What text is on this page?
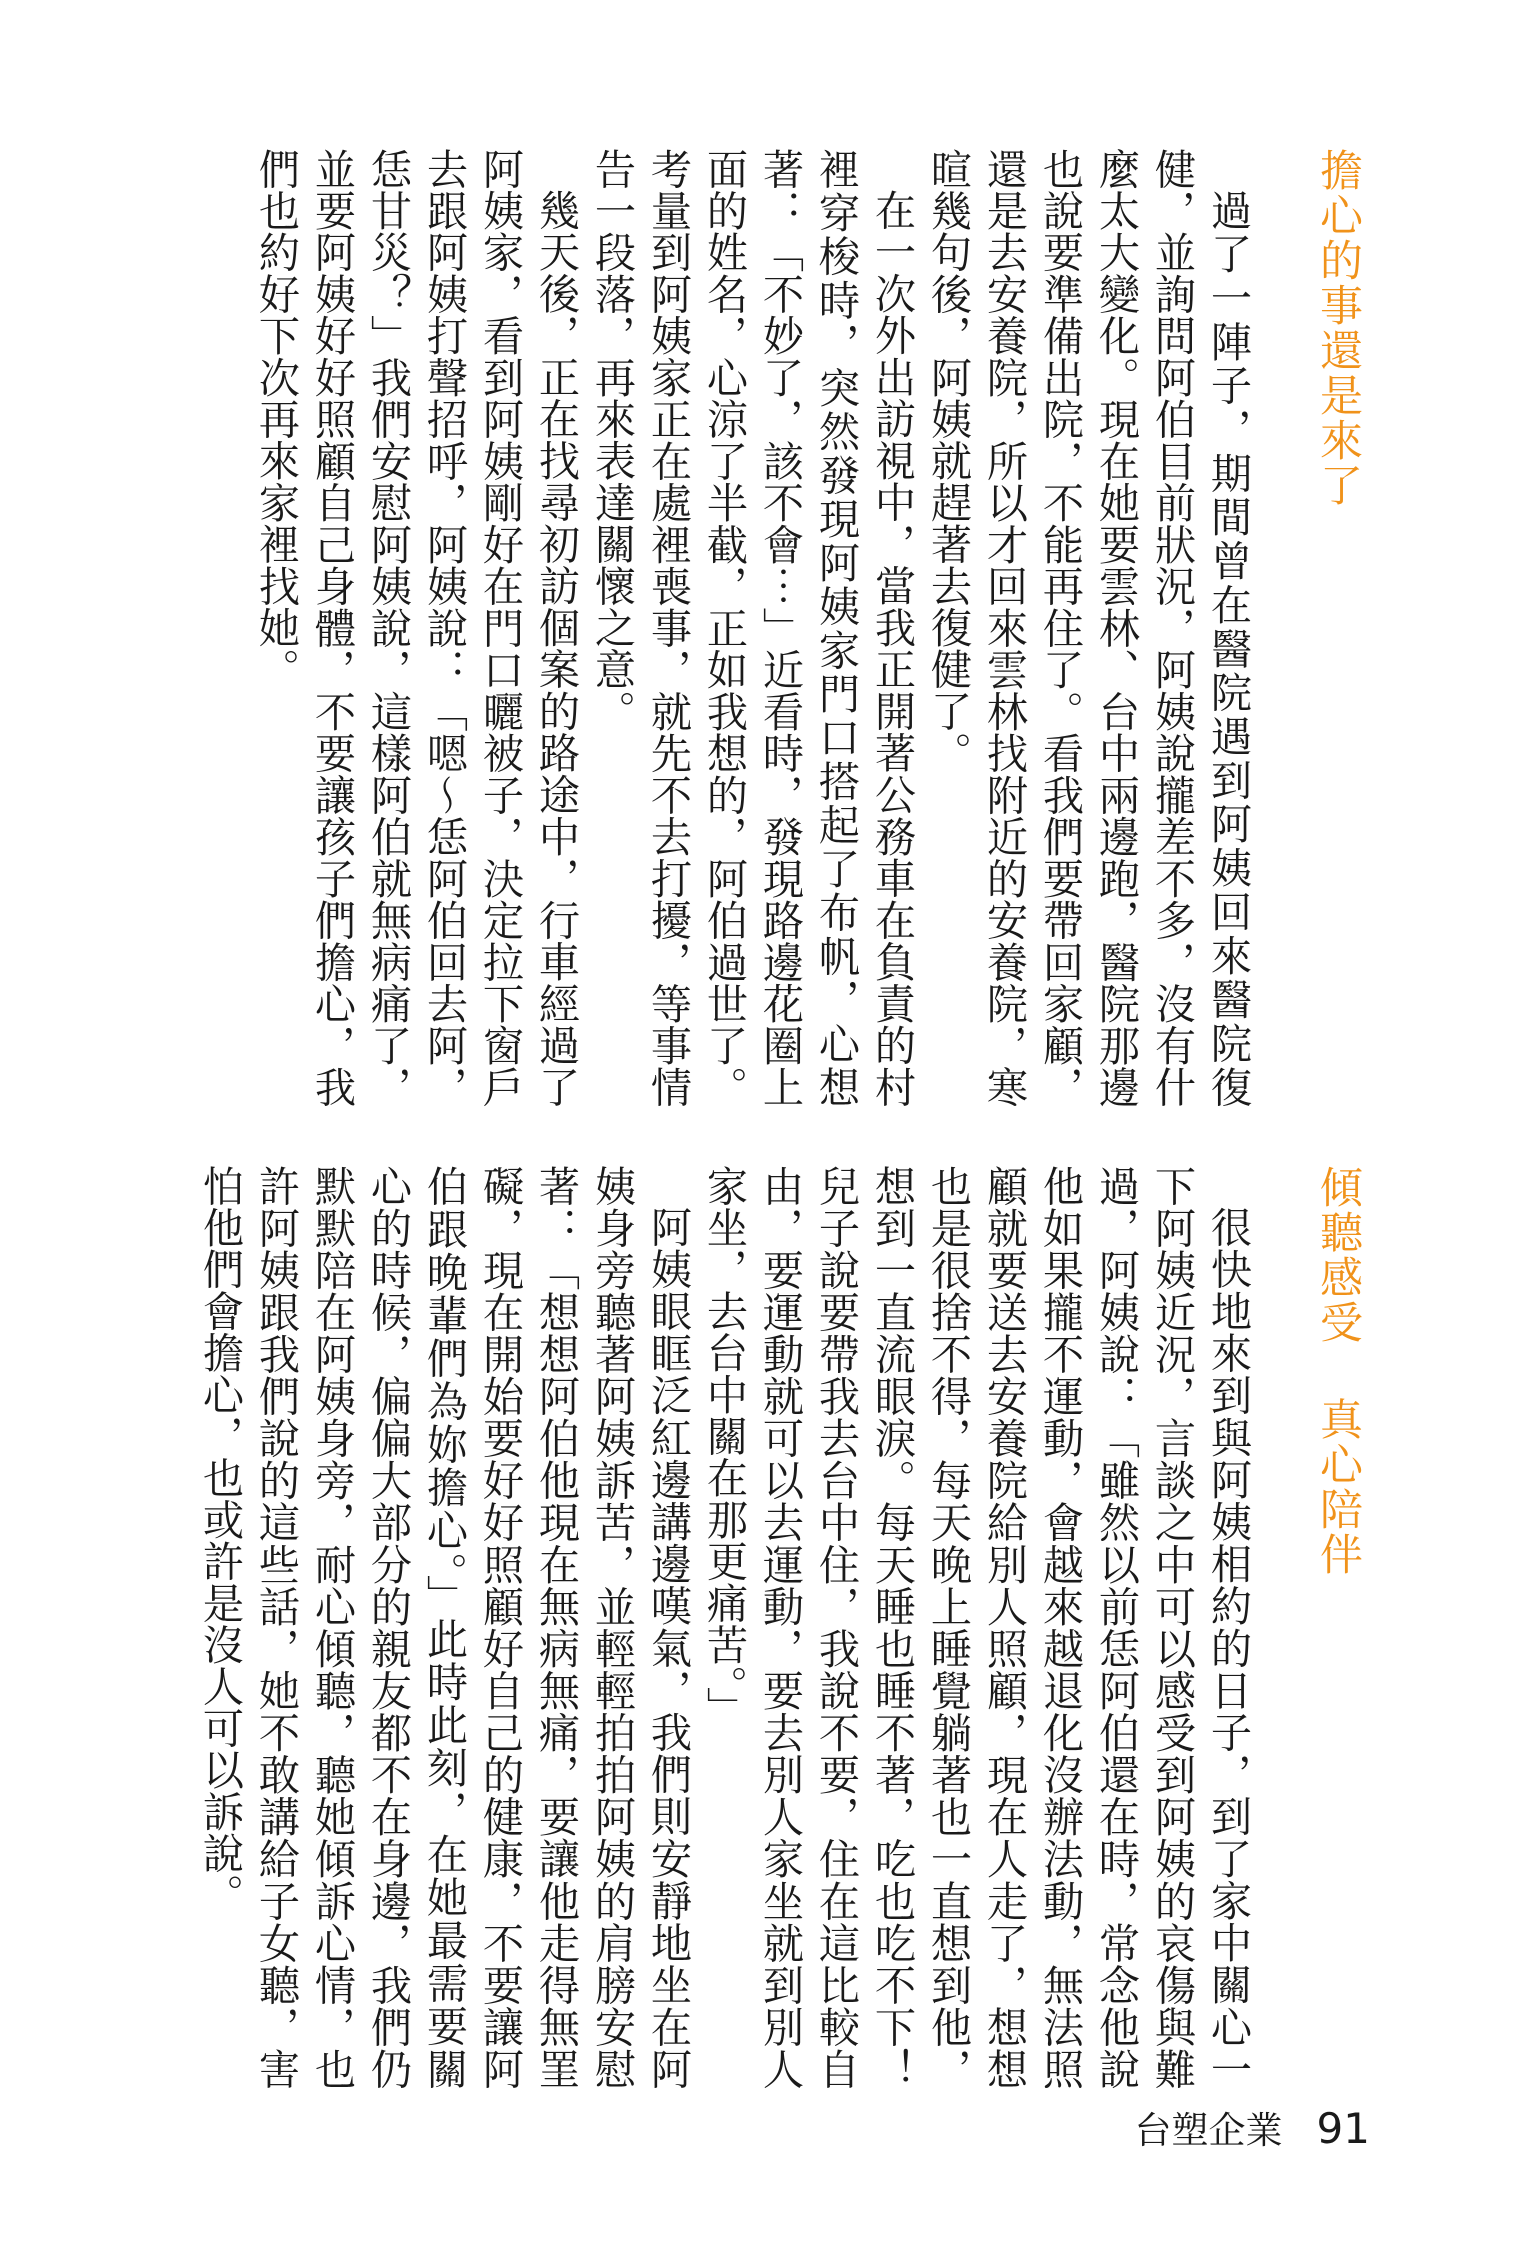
擔心的事還是來了

過了一陣子，期間曾在醫院遇到阿姨回來醫院復健，並詢問阿伯目前狀況，阿姨說攏差不多，沒有什麼太大變化。現在她要雲林、台中兩邊跑，醫院那邊也說要準備出院，不能再住了。看我們要帶回家顧，還是去安養院，所以才回來雲林找附近的安養院，寒暄幾句後，阿姨就趕著去復健了。

在一次外出訪視中，當我正開著公務車在負責的村裡穿梭時，突然發現阿姨家門口搭起了布帆，心想著：「不妙了，該不會⋯」近看時，發現路邊花圈上面的姓名，心涼了半截，正如我想的，阿伯過世了。考量到阿姨家正在處裡喪事，就先不去打擾，等事情告一段落，再來表達關懷之意。

幾天後，正在找尋初訪個案的路途中，行車經過了阿姨家，看到阿姨剛好在門口曬被子，決定拉下窗戶去跟阿姨打聲招呼，阿姨說：「嗯～恁阿伯回去阿，恁甘災？」我們安慰阿姨說，這樣阿伯就無病痛了，並要阿姨好好照顧自己身體，不要讓孩子們擔心，我們也約好下次再來家裡找她。

傾聽感受 真心陪伴

很快地來到與阿姨相約的日子，到了家中關心一下阿姨近況，言談之中可以感受到阿姨的哀傷與難過，阿姨說：「雖然以前恁阿伯還在時，常念他說他如果攏不運動，會越來越退化沒辦法動，無法照顧就要送去安養院給別人照顧，現在人走了，想想也是很捨不得，每天晚上睡覺躺著也一直想到他，想到一直流眼淚。每天睡也睡不著，吃也吃不下！兒子說要帶我去台中住，我說不要，住在這比較自由，要運動就可以去運動，要去別人家坐就到別人家坐，去台中關在那更痛苦。」

阿姨眼眶泛紅邊講邊嘆氣，我們則安靜地坐在阿姨身旁聽著阿姨訴苦，並輕輕拍拍阿姨的肩膀安慰著：「想想阿伯他現在無病無痛，要讓他走得無罣礙，現在開始要好好照顧好自己的健康，不要讓阿伯跟晚輩們為妳擔心。」此時此刻，在她最需要關心的時候，偏偏大部分的親友都不在身邊，我們仍默默陪在阿姨身旁，耐心傾聽，聽她傾訴心情，也許阿姨跟我們說的這些話，她不敢講給子女聽，害怕他們會擔心，也或許是沒人可以訴說。

台塑企業 91
